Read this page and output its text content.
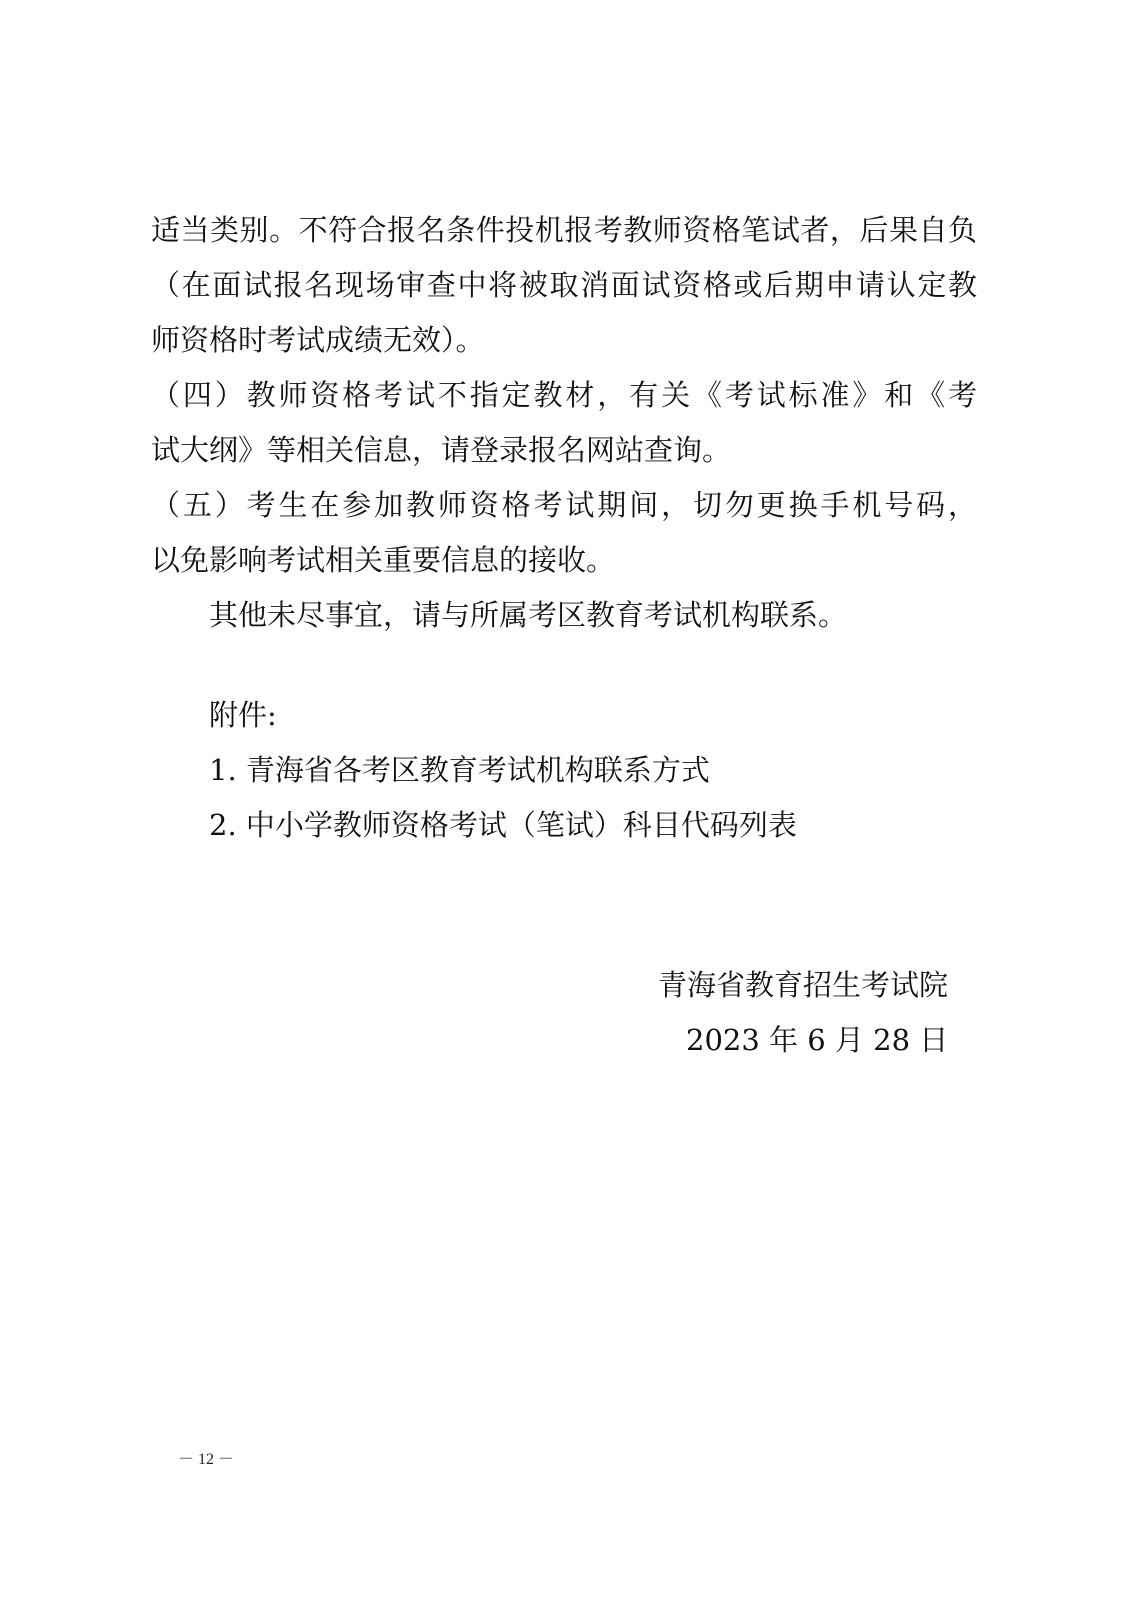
适当类别。不符合报名条件投机报考教师资格笔试者，后果自负
（在面试报名现场审查中将被取消面试资格或后期申请认定教
师资格时考试成绩无效）。
（四）教师资格考试不指定教材，有关《考试标准》和《考
试大纲》等相关信息，请登录报名网站查询。
（五）考生在参加教师资格考试期间，切勿更换手机号码，
以免影响考试相关重要信息的接收。
其他未尽事宜，请与所属考区教育考试机构联系。
附件:
1. 青海省各考区教育考试机构联系方式
2. 中小学教师资格考试（笔试）科目代码列表
青海省教育招生考试院
2023 年 6 月 28 日
－ 12 －
